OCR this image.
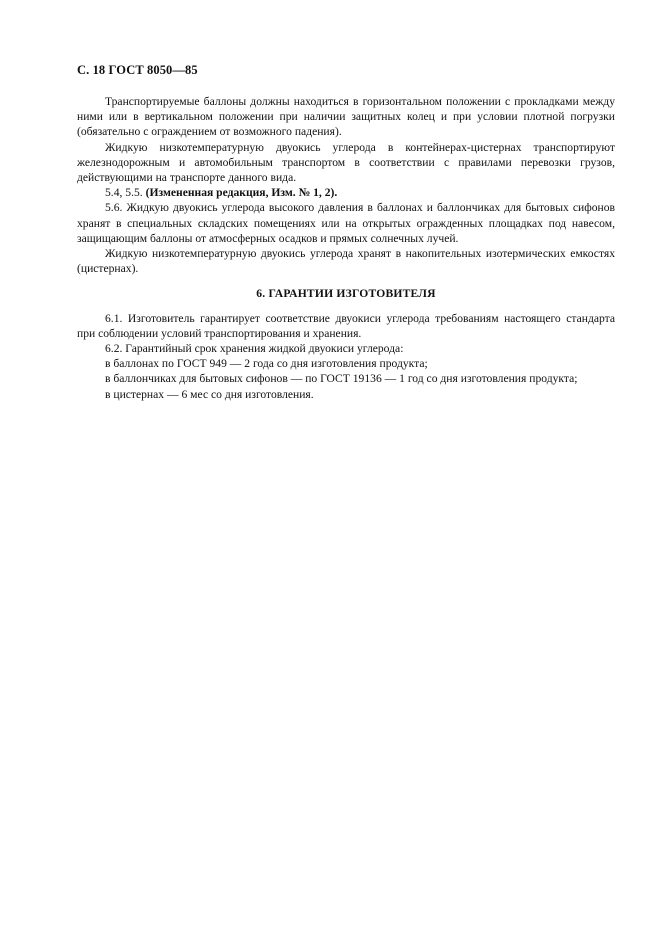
С. 18 ГОСТ 8050—85

Транспортируемые баллоны должны находиться в горизонтальном положении с прокладками между ними или в вертикальном положении при наличии защитных колец и при условии плотной погрузки (обязательно с ограждением от возможного падения).

Жидкую низкотемпературную двуокись углерода в контейнерах-цистернах транспортируют железнодорожным и автомобильным транспортом в соответствии с правилами перевозки грузов, действующими на транспорте данного вида.

5.4, 5.5. (Измененная редакция, Изм. № 1, 2).

5.6. Жидкую двуокись углерода высокого давления в баллонах и баллончиках для бытовых сифонов хранят в специальных складских помещениях или на открытых огражденных площадках под навесом, защищающим баллоны от атмосферных осадков и прямых солнечных лучей.

Жидкую низкотемпературную двуокись углерода хранят в накопительных изотермических емкостях (цистернах).

6. ГАРАНТИИ ИЗГОТОВИТЕЛЯ

6.1. Изготовитель гарантирует соответствие двуокиси углерода требованиям настоящего стандарта при соблюдении условий транспортирования и хранения.

6.2. Гарантийный срок хранения жидкой двуокиси углерода:

в баллонах по ГОСТ 949 — 2 года со дня изготовления продукта;

в баллончиках для бытовых сифонов — по ГОСТ 19136 — 1 год со дня изготовления продукта;

в цистернах — 6 мес со дня изготовления.
